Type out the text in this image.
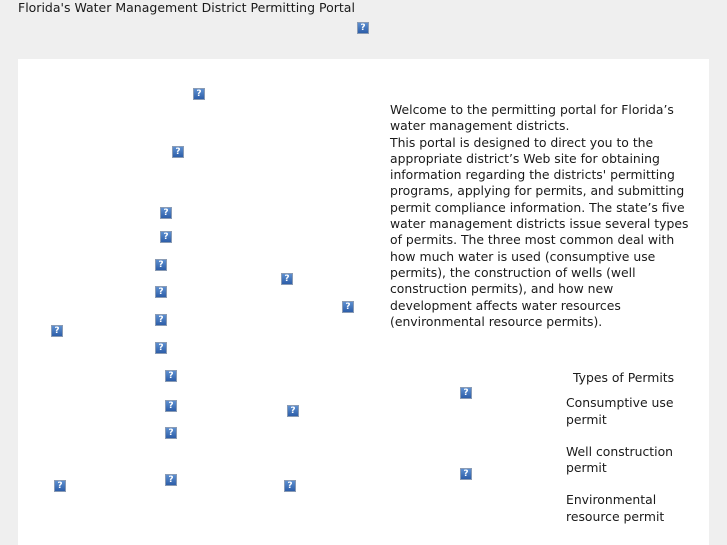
Florida's Water Management District Permitting Portal
?
?
?
?
?
?
?
?
?
?
?
?
?
?
?	?
?
?
?
?	?

Welcome to the permitting portal for Florida’s water management districts.

This portal is designed to direct you to the appropriate district’s Web site for obtaining information regarding the districts' permitting programs, applying for permits, and submitting permit compliance information. The state’s five water management districts issue several types of permits. The three most common deal with how much water is used (consumptive use permits), the construction of wells (well construction permits), and how new development affects water resources (environmental resource permits).

Types of Permits
Consumptive use permit
Well construction permit
Environmental resource permit
